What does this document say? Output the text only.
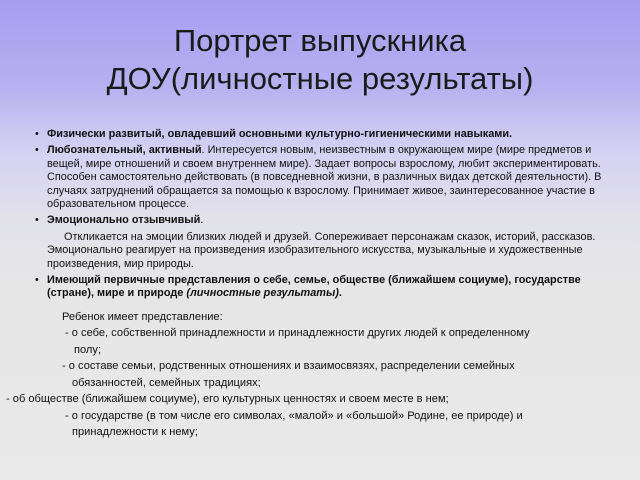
Портрет выпускника
ДОУ(личностные результаты)
• Физически развитый, овладевший основными культурно-гигиеническими навыками.
• Любознательный, активный. Интересуется новым, неизвестным в окружающем мире (мире предметов и вещей, мире отношений и своем внутреннем мире). Задает вопросы взрослому, любит экспериментировать. Способен самостоятельно действовать (в повседневной жизни, в различных видах детской деятельности). В случаях затруднений обращается за помощью к взрослому. Принимает живое, заинтересованное участие в образовательном процессе.
• Эмоционально отзывчивый.
Откликается на эмоции близких людей и друзей. Сопереживает персонажам сказок, историй, рассказов. Эмоционально реагирует на произведения изобразительного искусства, музыкальные и художественные произведения, мир природы.
• Имеющий первичные представления о себе, семье, обществе (ближайшем социуме), государстве (стране), мире и природе (личностные результаты).
Ребенок имеет представление:
- о себе, собственной принадлежности и принадлежности других людей к определенному
полу;
- о составе семьи, родственных отношениях и взаимосвязях, распределении семейных
обязанностей, семейных традициях;
- об обществе (ближайшем социуме), его культурных ценностях и своем месте в нем;
- о государстве (в том числе его символах, «малой» и «большой» Родине, ее природе) и
принадлежности к нему;
